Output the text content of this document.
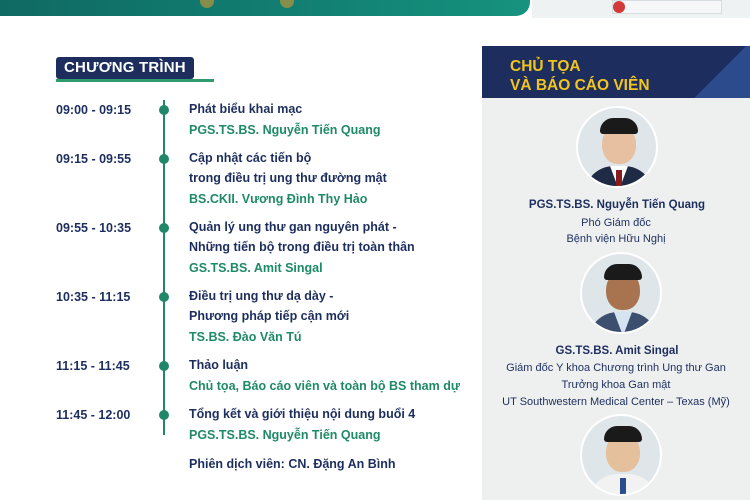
CHƯƠNG TRÌNH
09:00 - 09:15	Phát biểu khai mạc
PGS.TS.BS. Nguyễn Tiến Quang
09:15 - 09:55	Cập nhật các tiến bộ
trong điều trị ung thư đường mật
BS.CKII. Vương Đình Thy Hảo
09:55 - 10:35	Quản lý ung thư gan nguyên phát -
Những tiến bộ trong điều trị toàn thân
GS.TS.BS. Amit Singal
10:35 - 11:15	Điều trị ung thư dạ dày -
Phương pháp tiếp cận mới
TS.BS. Đào Văn Tú
11:15 - 11:45	Thảo luận
Chủ tọa, Báo cáo viên và toàn bộ BS tham dự
11:45 - 12:00	Tổng kết và giới thiệu nội dung buổi 4
PGS.TS.BS. Nguyễn Tiến Quang
Phiên dịch viên: CN. Đặng An Bình
CHỦ TỌA
VÀ BÁO CÁO VIÊN
PGS.TS.BS. Nguyễn Tiến Quang
Phó Giám đốc
Bệnh viện Hữu Nghị
GS.TS.BS. Amit Singal
Giám đốc Y khoa Chương trình Ung thư Gan
Trưởng khoa Gan mật
UT Southwestern Medical Center – Texas (Mỹ)
